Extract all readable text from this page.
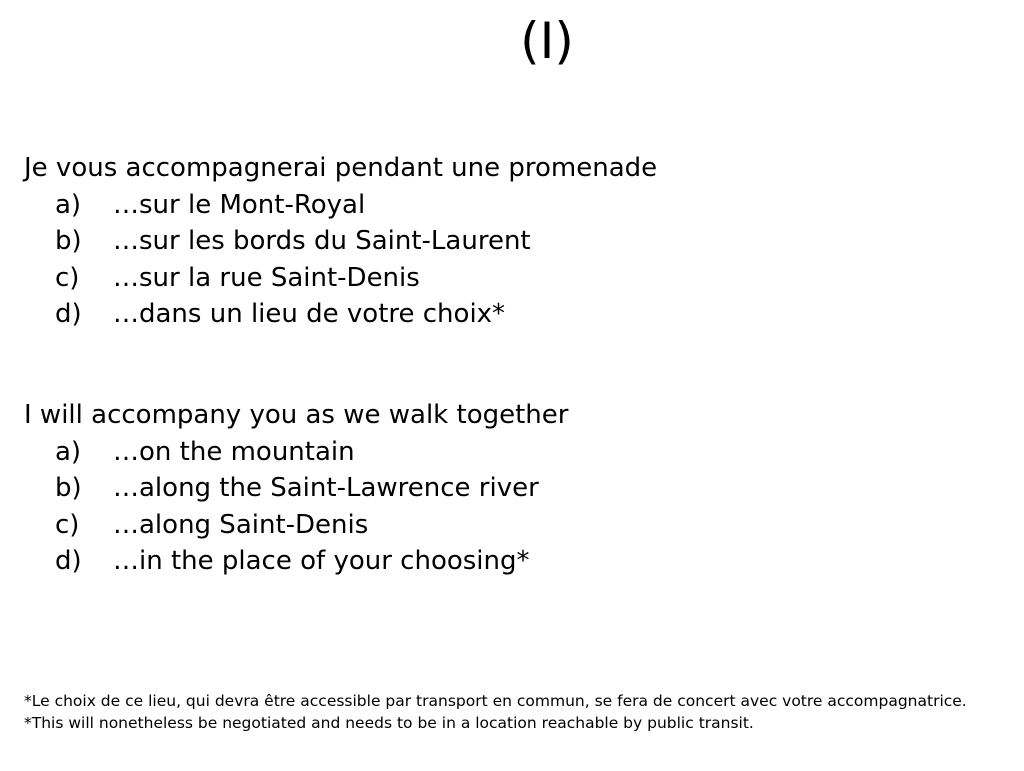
(I)
Je vous accompagnerai pendant une promenade
a) …sur le Mont-Royal
b) …sur les bords du Saint-Laurent
c) …sur la rue Saint-Denis
d) …dans un lieu de votre choix*
I will accompany you as we walk together
a) …on the mountain
b) …along the Saint-Lawrence river
c) …along Saint-Denis
d) …in the place of your choosing*
*Le choix de ce lieu, qui devra être accessible par transport en commun, se fera de concert avec votre accompagnatrice.
*This will nonetheless be negotiated and needs to be in a location reachable by public transit.
